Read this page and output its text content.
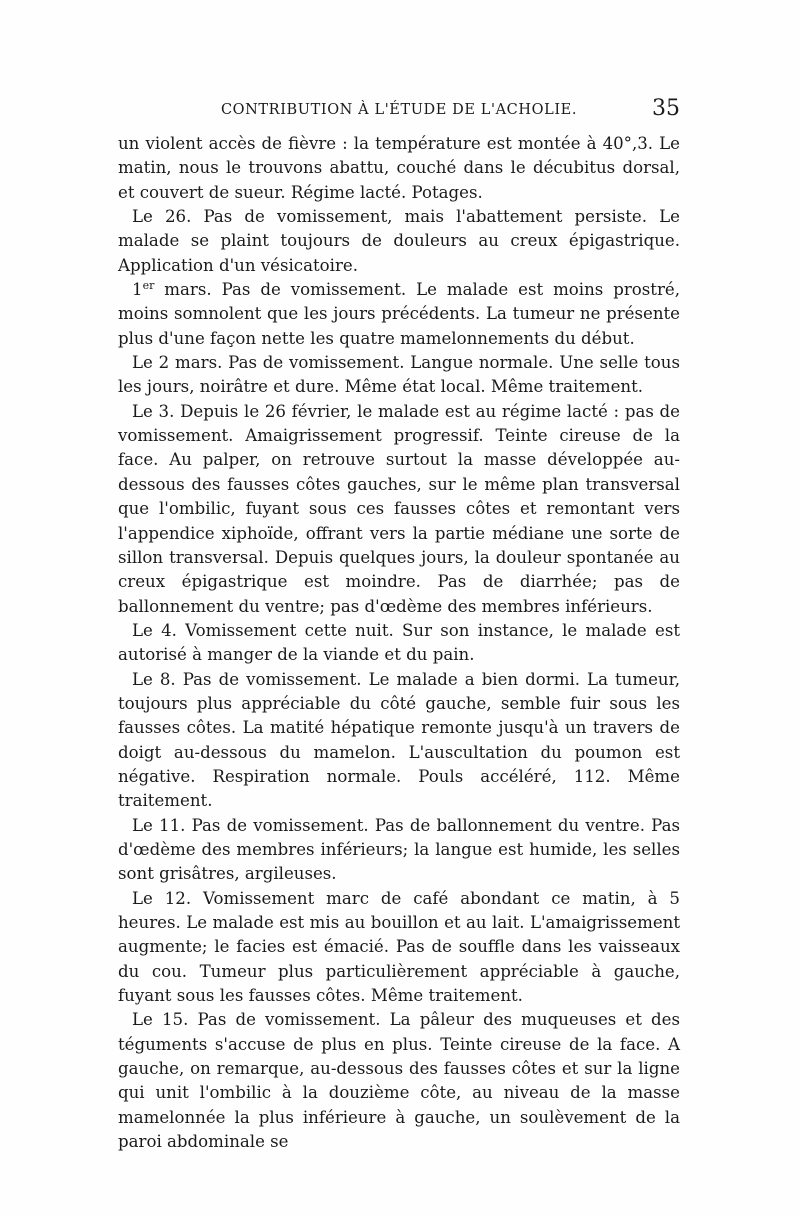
CONTRIBUTION À L'ÉTUDE DE L'ACHOLIE.	35

un violent accès de fièvre : la température est montée à 40°,3. Le matin, nous le trouvons abattu, couché dans le décubitus dorsal, et couvert de sueur. Régime lacté. Potages.

Le 26. Pas de vomissement, mais l'abattement persiste. Le malade se plaint toujours de douleurs au creux épigastrique. Application d'un vésicatoire.

1er mars. Pas de vomissement. Le malade est moins prostré, moins somnolent que les jours précédents. La tumeur ne présente plus d'une façon nette les quatre mamelonnements du début.

Le 2 mars. Pas de vomissement. Langue normale. Une selle tous les jours, noirâtre et dure. Même état local. Même traitement.

Le 3. Depuis le 26 février, le malade est au régime lacté : pas de vomissement. Amaigrissement progressif. Teinte cireuse de la face. Au palper, on retrouve surtout la masse développée au-dessous des fausses côtes gauches, sur le même plan transversal que l'ombilic, fuyant sous ces fausses côtes et remontant vers l'appendice xiphoïde, offrant vers la partie médiane une sorte de sillon transversal. Depuis quelques jours, la douleur spontanée au creux épigastrique est moindre. Pas de diarrhée; pas de ballonnement du ventre; pas d'œdème des membres inférieurs.

Le 4. Vomissement cette nuit. Sur son instance, le malade est autorisé à manger de la viande et du pain.

Le 8. Pas de vomissement. Le malade a bien dormi. La tumeur, toujours plus appréciable du côté gauche, semble fuir sous les fausses côtes. La matité hépatique remonte jusqu'à un travers de doigt au-dessous du mamelon. L'auscultation du poumon est négative. Respiration normale. Pouls accéléré, 112. Même traitement.

Le 11. Pas de vomissement. Pas de ballonnement du ventre. Pas d'œdème des membres inférieurs; la langue est humide, les selles sont grisâtres, argileuses.

Le 12. Vomissement marc de café abondant ce matin, à 5 heures. Le malade est mis au bouillon et au lait. L'amaigrissement augmente; le facies est émacié. Pas de souffle dans les vaisseaux du cou. Tumeur plus particulièrement appréciable à gauche, fuyant sous les fausses côtes. Même traitement.

Le 15. Pas de vomissement. La pâleur des muqueuses et des téguments s'accuse de plus en plus. Teinte cireuse de la face. A gauche, on remarque, au-dessous des fausses côtes et sur la ligne qui unit l'ombilic à la douzième côte, au niveau de la masse mamelonnée la plus inférieure à gauche, un soulèvement de la paroi abdominale se
